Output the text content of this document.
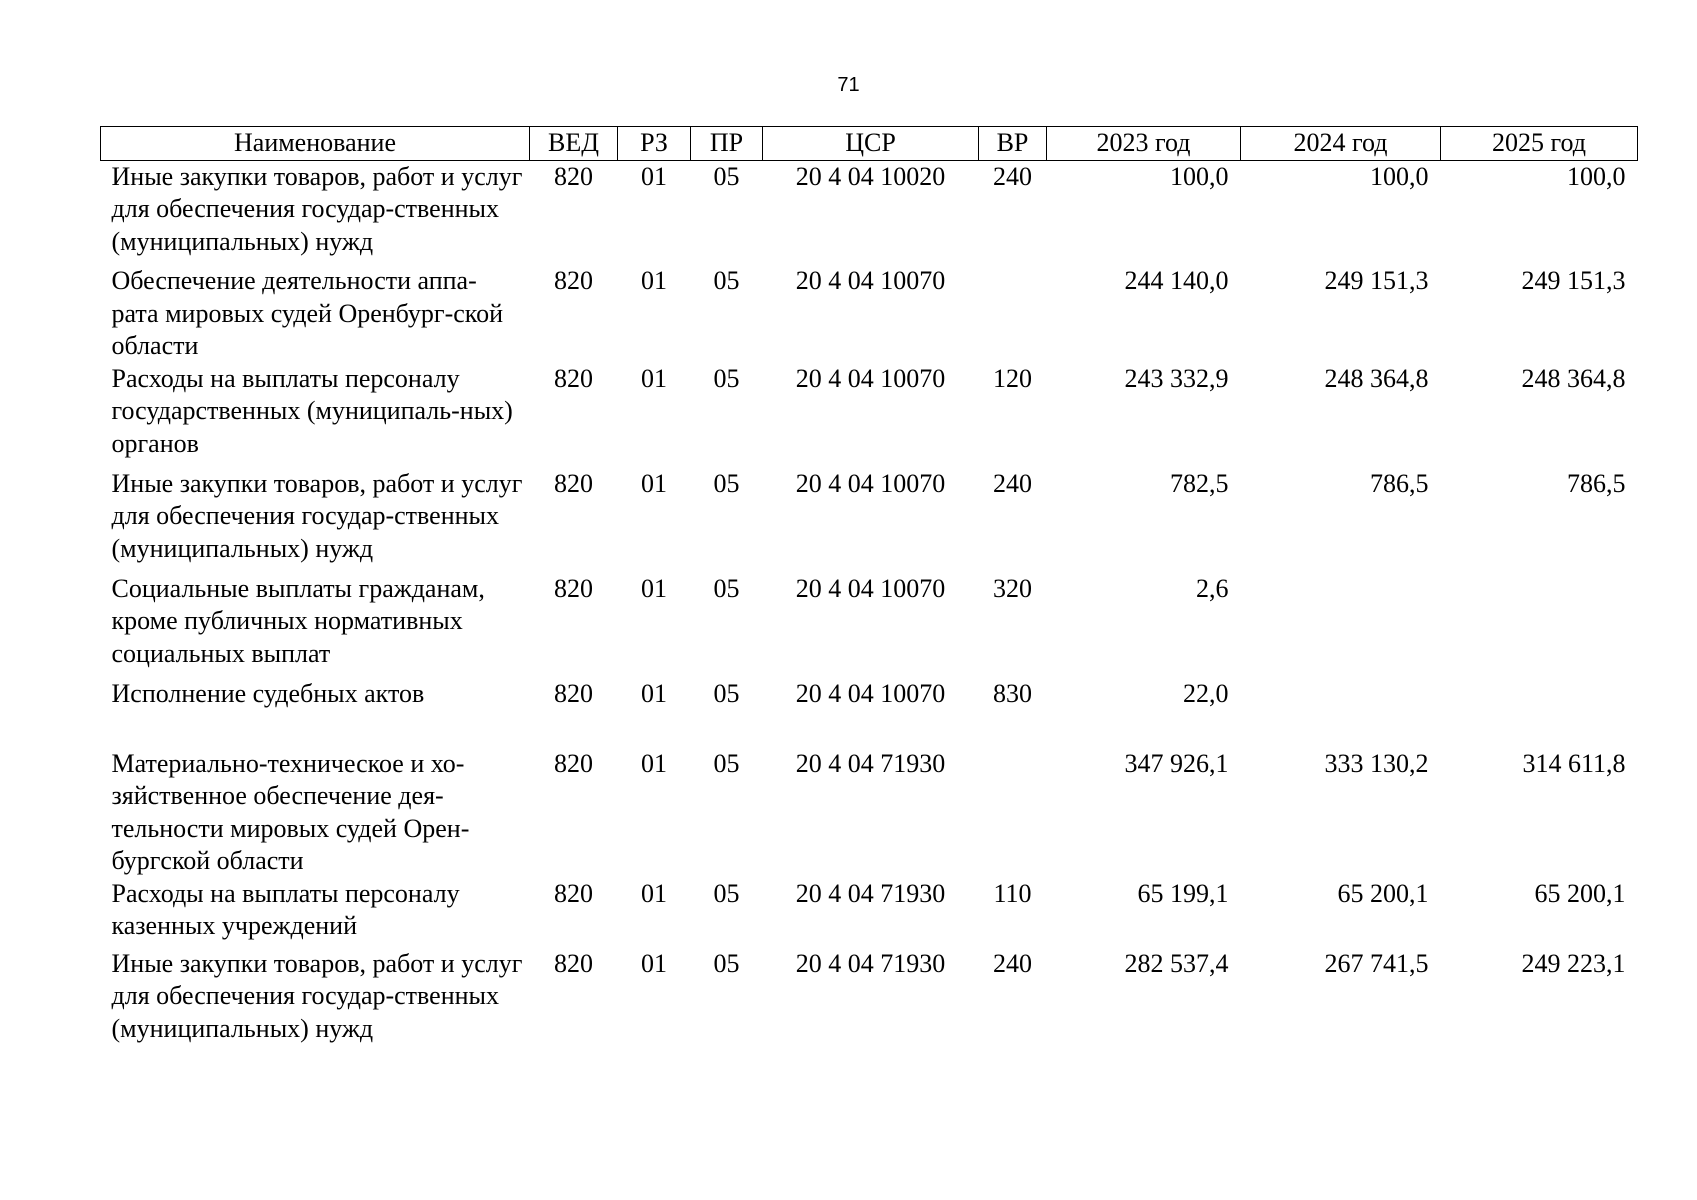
71
Наименование	ВЕД	РЗ	ПР	ЦСР	ВР	2023 год	2024 год	2025 год
Иные закупки товаров, работ и услуг для обеспечения государ-ственных (муниципальных) нужд	820	01	05	20 4 04 10020	240	100,0	100,0	100,0
Обеспечение деятельности аппа-рата мировых судей Оренбург-ской области	820	01	05	20 4 04 10070		244 140,0	249 151,3	249 151,3
Расходы на выплаты персоналу государственных (муниципаль-ных) органов	820	01	05	20 4 04 10070	120	243 332,9	248 364,8	248 364,8
Иные закупки товаров, работ и услуг для обеспечения государ-ственных (муниципальных) нужд	820	01	05	20 4 04 10070	240	782,5	786,5	786,5
Социальные выплаты гражданам, кроме публичных нормативных социальных выплат	820	01	05	20 4 04 10070	320	2,6		
Исполнение судебных актов	820	01	05	20 4 04 10070	830	22,0		
Материально-техническое и хо-зяйственное обеспечение дея-тельности мировых судей Орен-бургской области	820	01	05	20 4 04 71930		347 926,1	333 130,2	314 611,8
Расходы на выплаты персоналу казенных учреждений	820	01	05	20 4 04 71930	110	65 199,1	65 200,1	65 200,1
Иные закупки товаров, работ и услуг для обеспечения государ-ственных (муниципальных) нужд	820	01	05	20 4 04 71930	240	282 537,4	267 741,5	249 223,1
